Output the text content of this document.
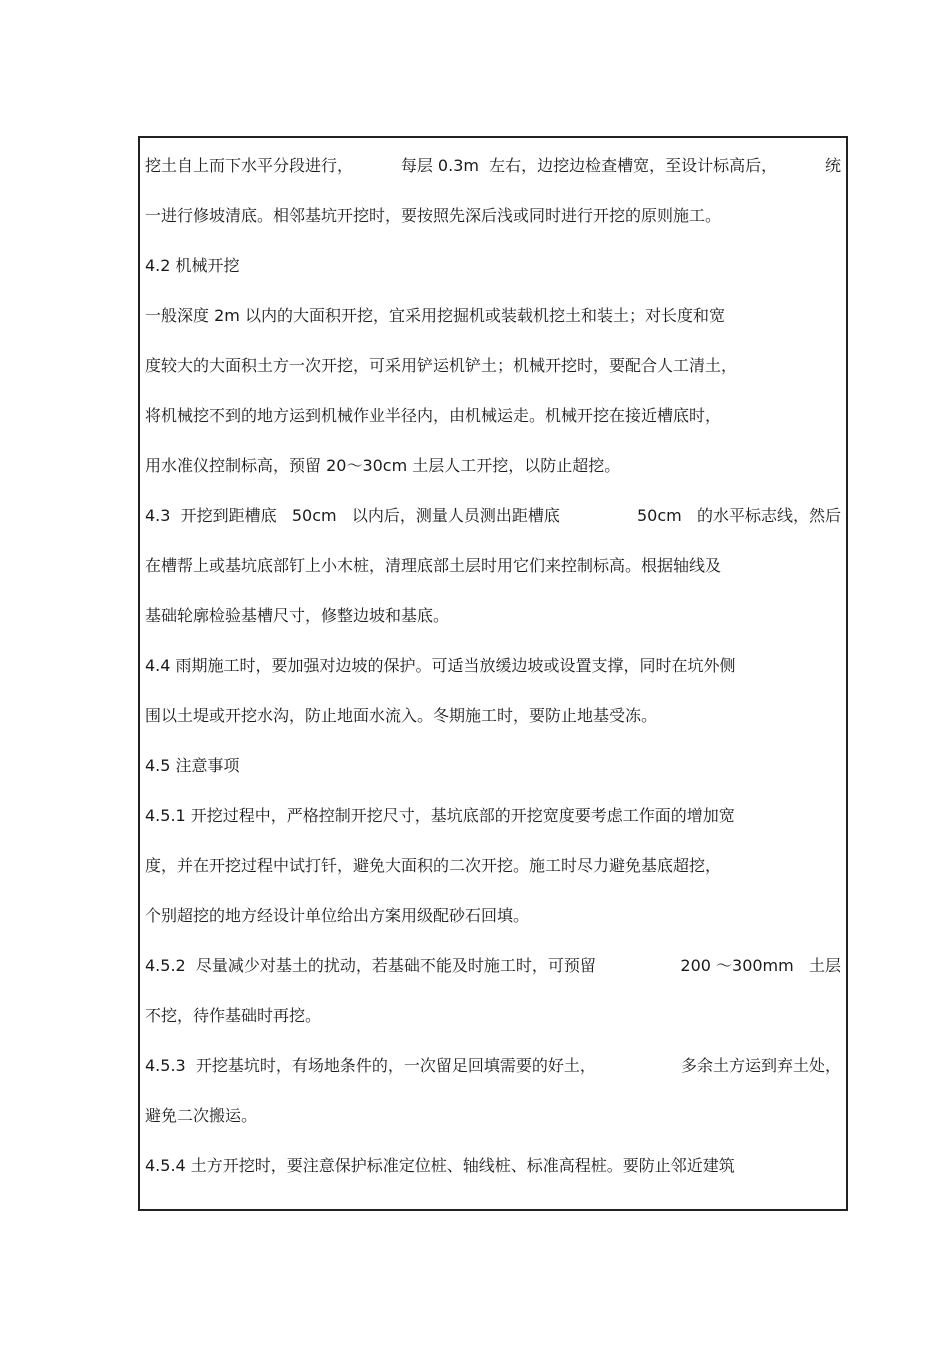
挖土自上而下水平分段进行，	每层 0.3m  左右，边挖边检查槽宽，至设计标高后，	统
一进行修坡清底。相邻基坑开挖时，要按照先深后浅或同时进行开挖的原则施工。
4.2 机械开挖
一般深度 2m 以内的大面积开挖，宜采用挖掘机或装载机挖土和装土；对长度和宽
度较大的大面积土方一次开挖，可采用铲运机铲土；机械开挖时，要配合人工清土，
将机械挖不到的地方运到机械作业半径内，由机械运走。机械开挖在接近槽底时，
用水准仪控制标高，预留 20～30cm 土层人工开挖，以防止超挖。
4.3  开挖到距槽底   50cm   以内后，测量人员测出距槽底	50cm   的水平标志线，然后
在槽帮上或基坑底部钉上小木桩，清理底部土层时用它们来控制标高。根据轴线及
基础轮廓检验基槽尺寸，修整边坡和基底。
4.4 雨期施工时，要加强对边坡的保护。可适当放缓边坡或设置支撑，同时在坑外侧
围以土堤或开挖水沟，防止地面水流入。冬期施工时，要防止地基受冻。
4.5 注意事项
4.5.1 开挖过程中，严格控制开挖尺寸，基坑底部的开挖宽度要考虑工作面的增加宽
度，并在开挖过程中试打钎，避免大面积的二次开挖。施工时尽力避免基底超挖，
个别超挖的地方经设计单位给出方案用级配砂石回填。
4.5.2  尽量减少对基土的扰动，若基础不能及时施工时，可预留	200 ～300mm   土层
不挖，待作基础时再挖。
4.5.3  开挖基坑时，有场地条件的，一次留足回填需要的好土，	多余土方运到弃土处，
避免二次搬运。
4.5.4 土方开挖时，要注意保护标准定位桩、轴线桩、标准高程桩。要防止邻近建筑
